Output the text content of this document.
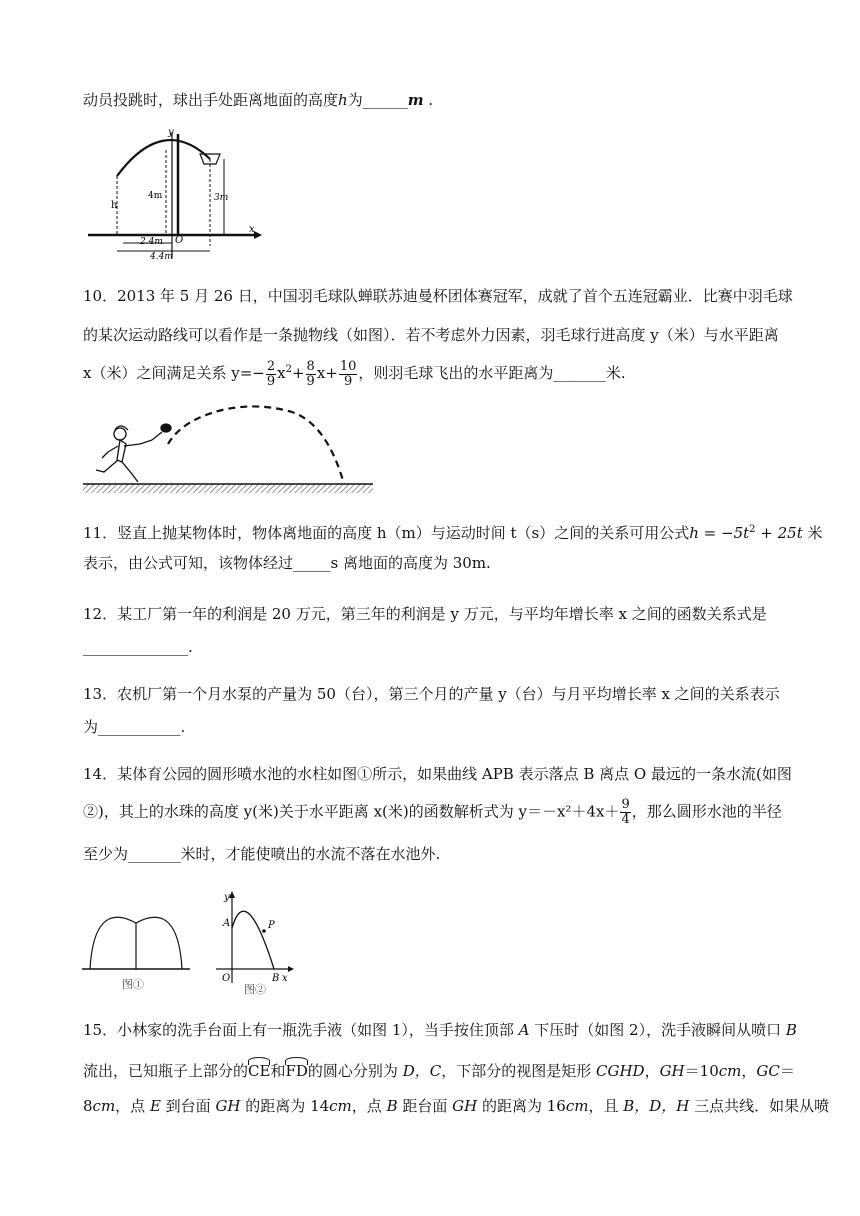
动员投跳时，球出手处距离地面的高度h为______m .
y
x
O
h
4m	3m
2.4m
4.4m
10．2013 年 5 月 26 日，中国羽毛球队蝉联苏迪曼杯团体赛冠军，成就了首个五连冠霸业．比赛中羽毛球
的某次运动路线可以看作是一条抛物线（如图）．若不考虑外力因素，羽毛球行进高度 y（米）与水平距离
x（米）之间满足关系 $y=- \frac{2}{9} x^2+ \frac{8}{9} x+ \frac{10}{9}$ ，则羽毛球飞出的水平距离为_______米.
11．竖直上抛某物体时，物体离地面的高度 h（m）与运动时间 t（s）之间的关系可用公式$h = -5t^2 + 25t$ 米
表示，由公式可知，该物体经过_____s 离地面的高度为 30m.
12．某工厂第一年的利润是 20 万元，第三年的利润是 y 万元，与平均年增长率 x 之间的函数关系式是
______________.
13．农机厂第一个月水泵的产量为 50（台），第三个月的产量 y（台）与月平均增长率 x 之间的关系表示
为___________.
14．某体育公园的圆形喷水池的水柱如图①所示，如果曲线 APB 表示落点 B 离点 O 最远的一条水流(如图
②)，其上的水珠的高度 y(米)关于水平距离 x(米)的函数解析式为 $y=-x^2+4x+ \frac{9}{4}$ ，那么圆形水池的半径
至少为_______米时，才能使喷出的水流不落在水池外.
图①
y
A	P
O	B x
图②
15．小林家的洗手台面上有一瓶洗手液（如图 1），当手按住顶部 A 下压时（如图 2），洗手液瞬间从喷口 B
流出，已知瓶子上部分的CE和FD的圆心分别为 D，C，下部分的视图是矩形 CGHD，GH＝10cm，GC＝
8cm，点 E 到台面 GH 的距离为 14cm，点 B 距台面 GH 的距离为 16cm，且 B，D，H 三点共线．如果从喷
